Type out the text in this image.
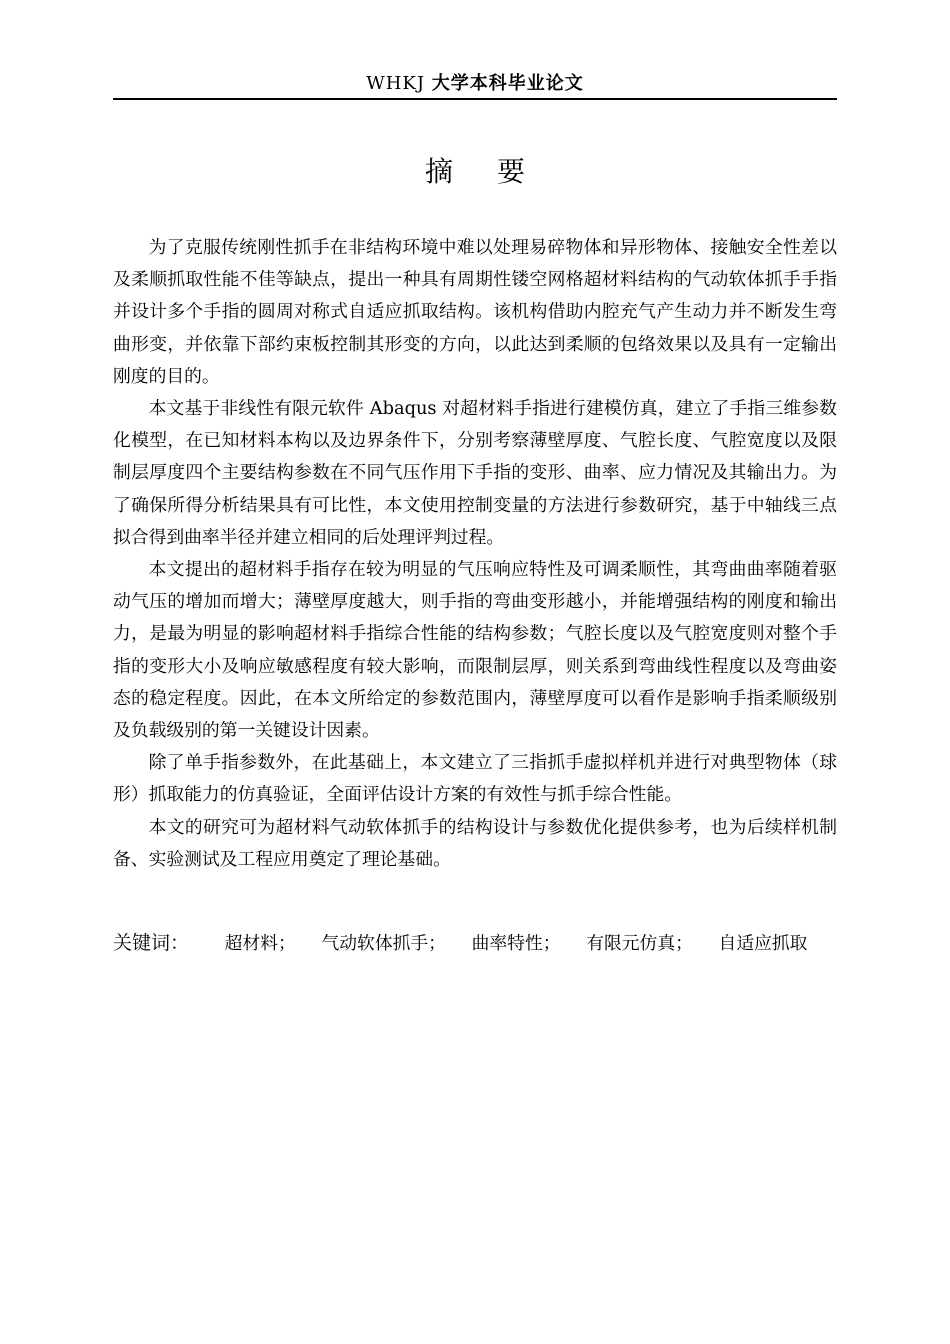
WHKJ 大学本科毕业论文
摘要

为了克服传统刚性抓手在非结构环境中难以处理易碎物体和异形物体、接触安全性差以及柔顺抓取性能不佳等缺点，提出一种具有周期性镂空网格超材料结构的气动软体抓手手指并设计多个手指的圆周对称式自适应抓取结构。该机构借助内腔充气产生动力并不断发生弯曲形变，并依靠下部约束板控制其形变的方向，以此达到柔顺的包络效果以及具有一定输出刚度的目的。

本文基于非线性有限元软件 Abaqus 对超材料手指进行建模仿真，建立了手指三维参数化模型，在已知材料本构以及边界条件下，分别考察薄壁厚度、气腔长度、气腔宽度以及限制层厚度四个主要结构参数在不同气压作用下手指的变形、曲率、应力情况及其输出力。为了确保所得分析结果具有可比性，本文使用控制变量的方法进行参数研究，基于中轴线三点拟合得到曲率半径并建立相同的后处理评判过程。

本文提出的超材料手指存在较为明显的气压响应特性及可调柔顺性，其弯曲曲率随着驱动气压的增加而增大；薄壁厚度越大，则手指的弯曲变形越小，并能增强结构的刚度和输出力，是最为明显的影响超材料手指综合性能的结构参数；气腔长度以及气腔宽度则对整个手指的变形大小及响应敏感程度有较大影响，而限制层厚，则关系到弯曲线性程度以及弯曲姿态的稳定程度。因此，在本文所给定的参数范围内，薄壁厚度可以看作是影响手指柔顺级别及负载级别的第一关键设计因素。

除了单手指参数外，在此基础上，本文建立了三指抓手虚拟样机并进行对典型物体（球形）抓取能力的仿真验证，全面评估设计方案的有效性与抓手综合性能。

本文的研究可为超材料气动软体抓手的结构设计与参数优化提供参考，也为后续样机制备、实验测试及工程应用奠定了理论基础。

关键词： 超材料； 气动软体抓手； 曲率特性； 有限元仿真； 自适应抓取
